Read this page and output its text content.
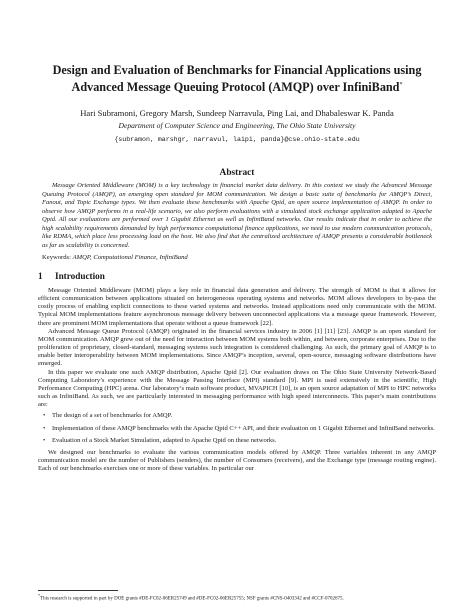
Design and Evaluation of Benchmarks for Financial Applications using
Advanced Message Queuing Protocol (AMQP) over InfiniBand*
Hari Subramoni, Gregory Marsh, Sundeep Narravula, Ping Lai, and Dhabaleswar K. Panda
Department of Computer Science and Engineering, The Ohio State University
{subramon, marshgr, narravul, laipi, panda}@cse.ohio-state.edu
Abstract
Message Oriented Middleware (MOM) is a key technology in financial market data delivery. In this context we study the Advanced Message Queuing Protocol (AMQP), an emerging open standard for MOM communication. We design a basic suite of benchmarks for AMQP’s Direct, Fanout, and Topic Exchange types. We then evaluate these benchmarks with Apache Qpid, an open source implementation of AMQP. In order to observe how AMQP performs in a real-life scenario, we also perform evaluations with a simulated stock exchange application adapted to Apache Qpid. All our evaluations are performed over 1 Gigabit Ethernet as well as InfiniBand networks. Our results indicate that in order to achieve the high scalability requirements demanded by high performance computational finance applications, we need to use modern communication protocols, like RDMA, which place less processing load on the host. We also find that the centralized architecture of AMQP presents a considerable bottleneck as far as scalability is concerned.
Keywords: AMQP, Computational Finance, InfiniBand
1 Introduction

Message Oriented Middleware (MOM) plays a key role in financial data generation and delivery. The strength of MOM is that it allows for efficient communication between applications situated on heterogeneous operating systems and networks. MOM allows developers to by-pass the costly process of enabling explicit connections to these varied systems and networks. Instead applications need only communicate with the MOM. Typical MOM implementations feature asynchronous message delivery between unconnected applications via a message queue framework. However, there are prominent MOM implementations that operate without a queue framework [22].

Advanced Message Queue Protocol (AMQP) originated in the financial services industry in 2006 [1] [11] [23]. AMQP is an open standard for MOM communication. AMQP grew out of the need for interaction between MOM systems both within, and between, corporate enterprises. Due to the proliferation of proprietary, closed-standard, messaging systems such integration is considered challenging. As such, the primary goal of AMQP is to enable better interoperability between MOM implementations. Since AMQP’s inception, several, open-source, messaging software distributions have emerged.

In this paper we evaluate one such AMQP distribution, Apache Qpid [2]. Our evaluation draws on The Ohio State University Network-Based Computing Laboratory’s experience with the Message Passing Interface (MPI) standard [9]. MPI is used extensively in the scientific, High Performance Computing (HPC) arena. Our laboratory’s main software product, MVAPICH [10], is an open source adaptation of MPI to HPC networks such as InfiniBand. As such, we are particularly interested in messaging performance with high speed interconnects. This paper’s main contributions are:

• The design of a set of benchmarks for AMQP.
• Implementation of these AMQP benchmarks with the Apache Qpid C++ API, and their evaluation on 1 Gigabit Ethernet and InfiniBand networks.
• Evaluation of a Stock Market Simulation, adapted to Apache Qpid on these networks.

We designed our benchmarks to evaluate the various communication models offered by AMQP. Three variables inherent in any AMQP communication model are the number of Publishers (senders), the number of Consumers (receivers), and the Exchange type (message routing engine). Each of our benchmarks exercises one or more of these variables. In particular our

*This research is supported in part by DOE grants #DE-FC02-06ER25749 and #DE-FC02-06ER25755; NSF grants #CNS-0403342 and #CCF-0702675.
